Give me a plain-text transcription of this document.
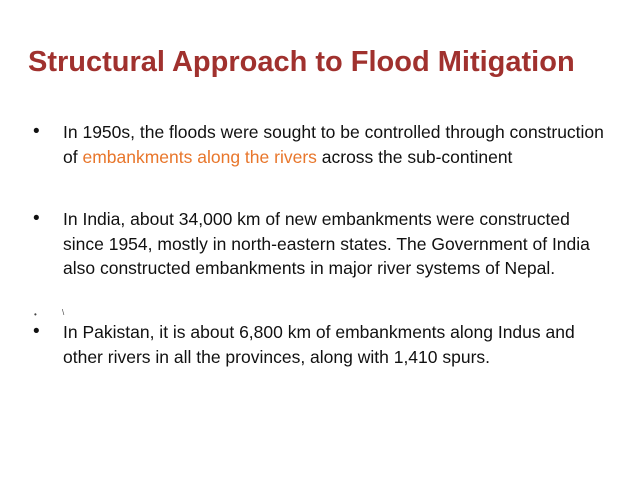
Structural Approach to Flood Mitigation
•	In 1950s, the floods were sought to be controlled through construction of embankments along the rivers across the sub-continent
•	In India, about 34,000 km of new embankments were constructed since 1954, mostly in north-eastern states. The Government of India also constructed embankments in major river systems of Nepal.
•	\
•	In Pakistan, it is about 6,800 km of embankments along Indus and other rivers in all the provinces, along with 1,410 spurs.
